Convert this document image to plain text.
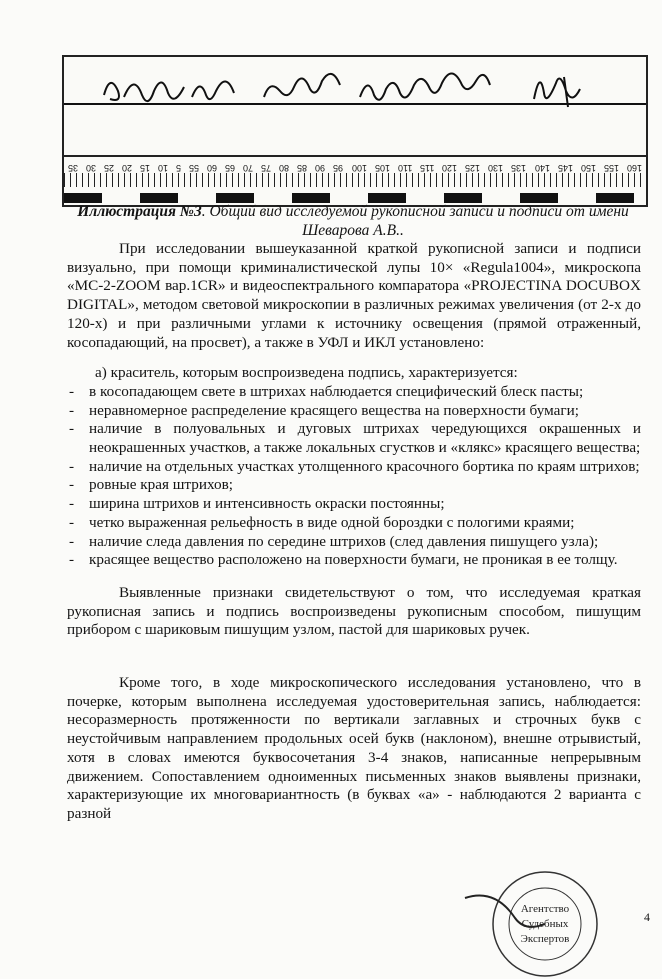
35 30 25 20 15 10 5 55 60 65 70 75 80 85 90 95 100 105 110 115 120 125 130 135 140 145 150 155 160
Иллюстрация №3. Общий вид исследуемой рукописной записи и подписи от имени Шеварова А.В..

При исследовании вышеуказанной краткой рукописной записи и подписи визуально, при помощи криминалистической лупы 10× «Regula1004», микроскопа «MC-2-ZOOM вар.1CR» и видеоспектрального компаратора «PROJECTINA DOCUBOX DIGITAL», методом световой микроскопии в различных режимах увеличения (от 2-х до 120-х) и при различными углами к источнику освещения (прямой отраженный, косопадающий, на просвет), а также в УФЛ и ИКЛ установлено:

а) краситель, которым воспроизведена подпись, характеризуется:

- в косопадающем свете в штрихах наблюдается специфический блеск пасты;
- неравномерное распределение красящего вещества на поверхности бумаги;
- наличие в полуовальных и дуговых штрихах чередующихся окрашенных и неокрашенных участков, а также локальных сгустков и «клякс» красящего вещества;
- наличие на отдельных участках утолщенного красочного бортика по краям штрихов;
- ровные края штрихов;
- ширина штрихов и интенсивность окраски постоянны;
- четко выраженная рельефность в виде одной бороздки с пологими краями;
- наличие следа давления по середине штрихов (след давления пишущего узла);
- красящее вещество расположено на поверхности бумаги, не проникая в ее толщу.

Выявленные признаки свидетельствуют о том, что исследуемая краткая рукописная запись и подпись воспроизведены рукописным способом, пишущим прибором с шариковым пишущим узлом, пастой для шариковых ручек.

Кроме того, в ходе микроскопического исследования установлено, что в почерке, которым выполнена исследуемая удостоверительная запись, наблюдается: несоразмерность протяженности по вертикали заглавных и строчных букв с неустойчивым направлением продольных осей букв (наклоном), внешне отрывистый, хотя в словах имеются буквосочетания 3-4 знаков, написанные непрерывным движением. Сопоставлением одноименных письменных знаков выявлены признаки, характеризующие их многовариантность (в буквах «а» - наблюдаются 2 варианта с разной

Агентство
Судебных
Экспертов
4
